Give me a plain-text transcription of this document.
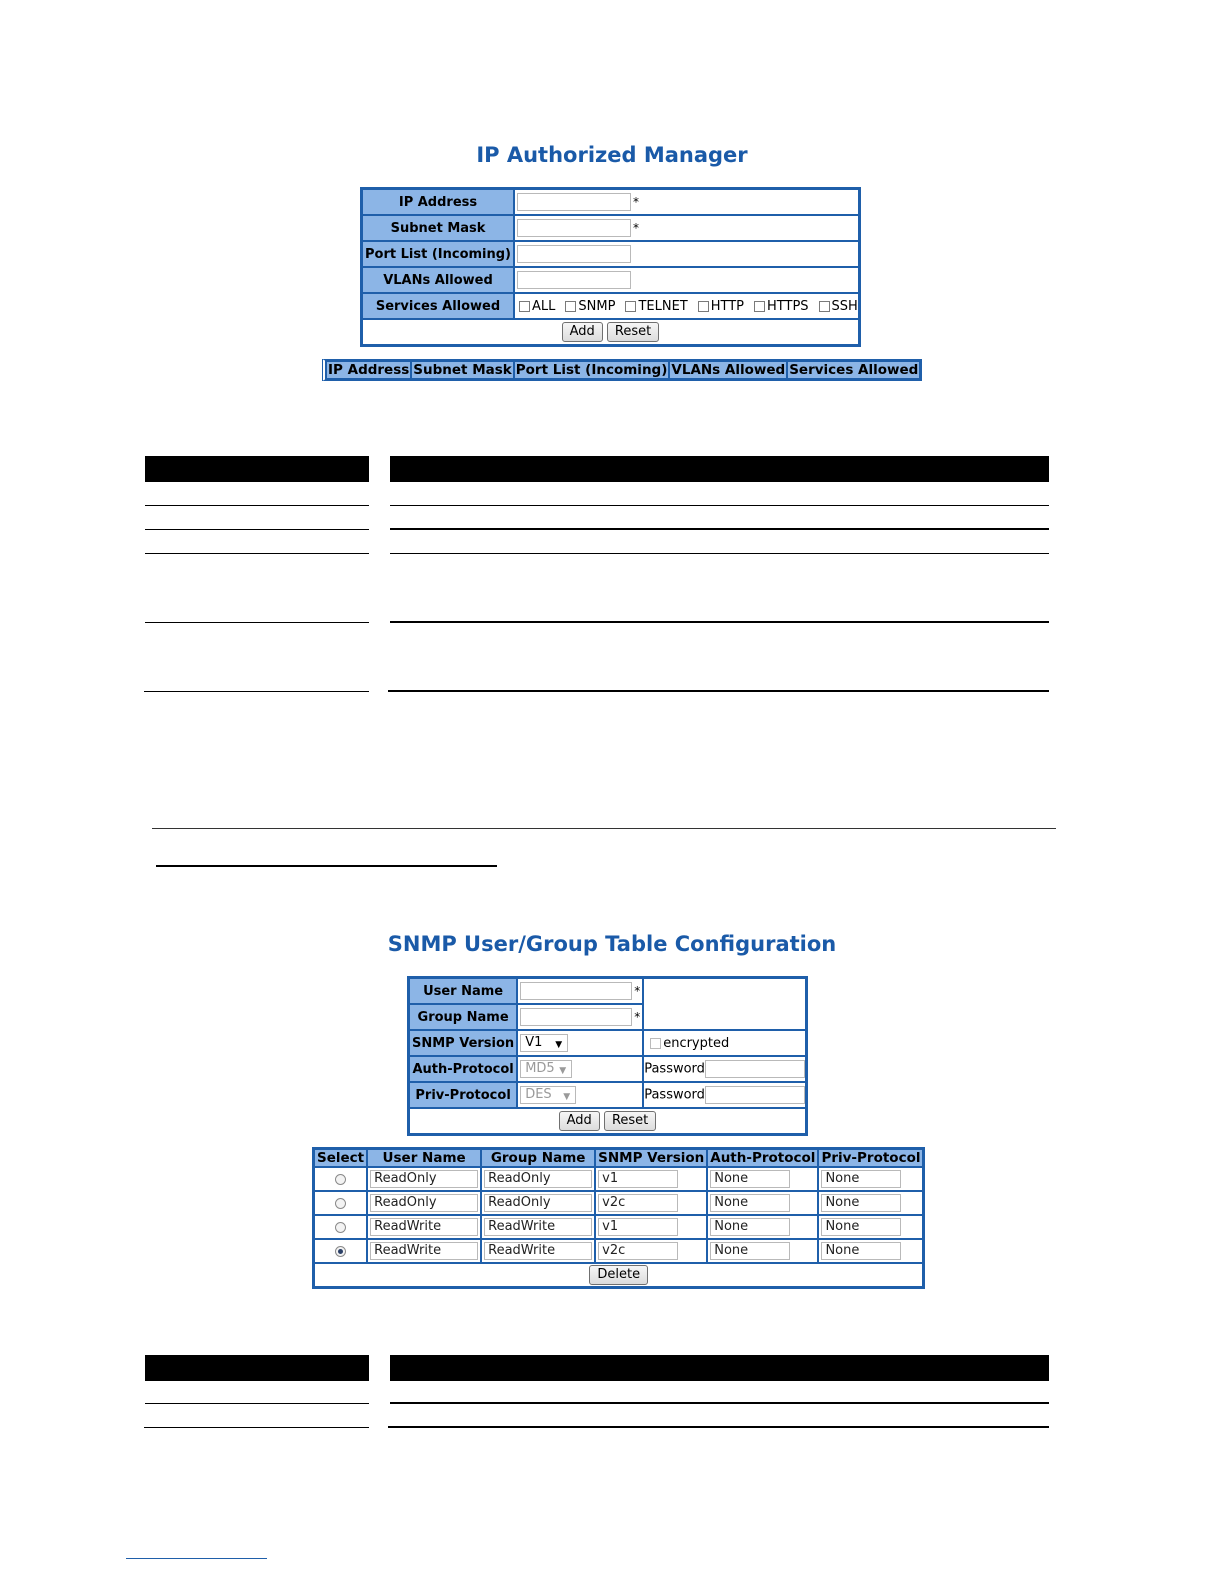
IP Authorized Manager
IP Address	*
Subnet Mask	*
Port List (Incoming)	
VLANs Allowed	
Services Allowed	ALL SNMP TELNET HTTP HTTPS SSH
Add Reset	
IP Address	Subnet Mask	Port List (Incoming)	VLANs Allowed	Services Allowed
SNMP User/Group Table Configuration
User Name	*	
Group Name	*	
SNMP Version	V1 ▼	encrypted
Auth-Protocol	MD5 ▼	Password
Priv-Protocol	DES ▼	Password
Add Reset		
Select	User Name	Group Name	SNMP Version	Auth-Protocol	Priv-Protocol
	ReadOnly	ReadOnly	v1	None	None
	ReadOnly	ReadOnly	v2c	None	None
	ReadWrite	ReadWrite	v1	None	None
	ReadWrite	ReadWrite	v2c	None	None
Delete					
